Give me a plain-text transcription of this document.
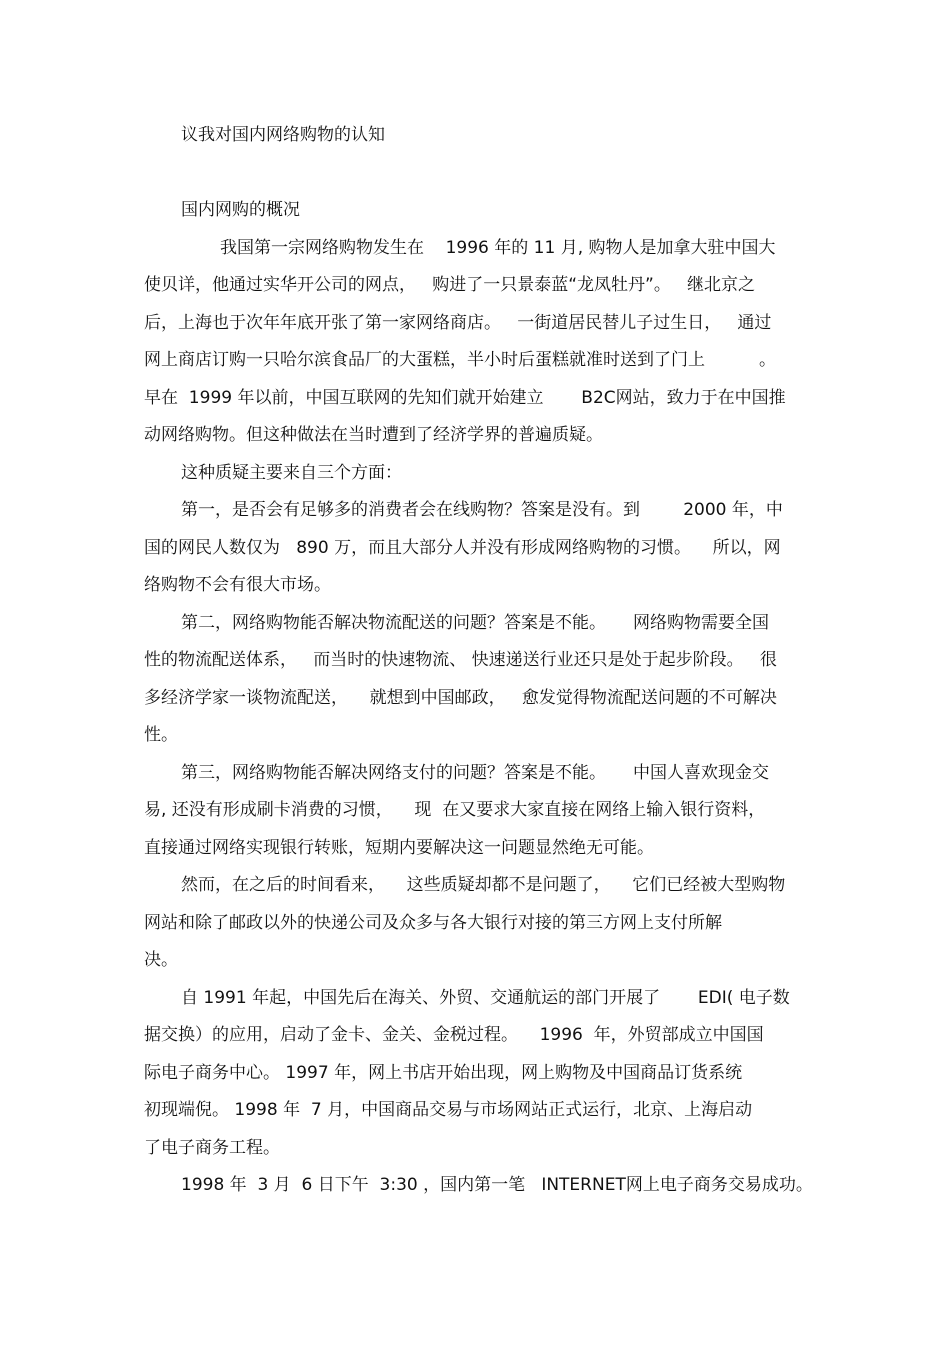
议我对国内网络购物的认知
国内网购的概况
我国第一宗网络购物发生在    1996 年的 11 月, 购物人是加拿大驻中国大
使贝详，他通过实华开公司的网点，   购进了一只景泰蓝“龙凤牡丹”。   继北京之
后，上海也于次年年底开张了第一家网络商店。   一街道居民替儿子过生日，   通过
网上商店订购一只哈尔滨食品厂的大蛋糕，半小时后蛋糕就准时送到了门上          。
早在  1999 年以前，中国互联网的先知们就开始建立       B2C网站，致力于在中国推
动网络购物。但这种做法在当时遭到了经济学界的普遍质疑。
这种质疑主要来自三个方面：
第一，是否会有足够多的消费者会在线购物？答案是没有。到        2000 年，中
国的网民人数仅为   890 万，而且大部分人并没有形成网络购物的习惯。    所以，网
络购物不会有很大市场。
第二，网络购物能否解决物流配送的问题？答案是不能。     网络购物需要全国
性的物流配送体系，   而当时的快速物流、 快速递送行业还只是处于起步阶段。   很
多经济学家一谈物流配送，    就想到中国邮政，   愈发觉得物流配送问题的不可解决
性。
第三，网络购物能否解决网络支付的问题？答案是不能。     中国人喜欢现金交
易, 还没有形成刷卡消费的习惯，    现  在又要求大家直接在网络上输入银行资料，
直接通过网络实现银行转账，短期内要解决这一问题显然绝无可能。
然而，在之后的时间看来，    这些质疑却都不是问题了，    它们已经被大型购物
网站和除了邮政以外的快递公司及众多与各大银行对接的第三方网上支付所解
决。
自 1991 年起，中国先后在海关、外贸、交通航运的部门开展了       EDI( 电子数
据交换）的应用，启动了金卡、金关、金税过程。    1996  年，外贸部成立中国国
际电子商务中心。 1997 年，网上书店开始出现，网上购物及中国商品订货系统
初现端倪。 1998 年  7 月，中国商品交易与市场网站正式运行，北京、上海启动
了电子商务工程。
1998 年  3 月  6 日下午  3:30 ，国内第一笔   INTERNET网上电子商务交易成功。
